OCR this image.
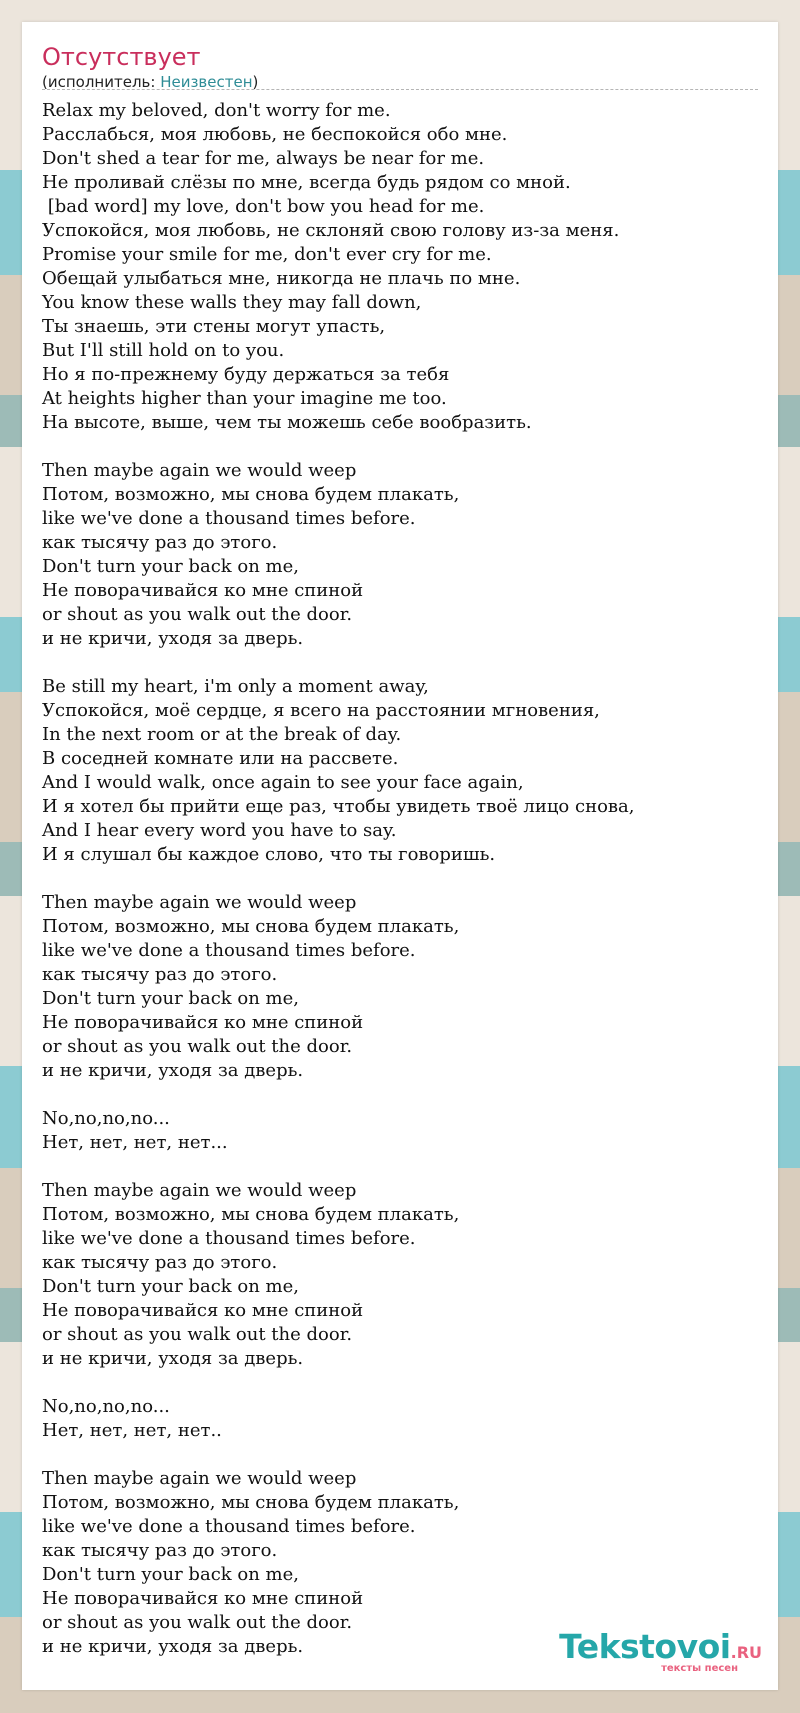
Отсутствует
(исполнитель: Неизвестен)
Relax my beloved, don't worry for me.
Расслабься, моя любовь, не беспокойся обо мне.
Don't shed a tear for me, always be near for me.
Не проливай слёзы по мне, всегда будь рядом со мной.
[bad word] my love, don't bow you head for me.
Успокойся, моя любовь, не склоняй свою голову из-за меня.
Promise your smile for me, don't ever cry for me.
Обещай улыбаться мне, никогда не плачь по мне.
You know these walls they may fall down,
Ты знаешь, эти стены могут упасть,
But I'll still hold on to you.
Но я по-прежнему буду держаться за тебя
At heights higher than your imagine me too.
На высоте, выше, чем ты можешь себе вообразить.
Then maybe again we would weep
Потом, возможно, мы снова будем плакать,
like we've done a thousand times before.
как тысячу раз до этого.
Don't turn your back on me,
Не поворачивайся ко мне спиной
or shout as you walk out the door.
и не кричи, уходя за дверь.
Be still my heart, i'm only a moment away,
Успокойся, моё сердце, я всего на расстоянии мгновения,
In the next room or at the break of day.
В соседней комнате или на рассвете.
And I would walk, once again to see your face again,
И я хотел бы прийти еще раз, чтобы увидеть твоё лицо снова,
And I hear every word you have to say.
И я слушал бы каждое слово, что ты говоришь.
Then maybe again we would weep
Потом, возможно, мы снова будем плакать,
like we've done a thousand times before.
как тысячу раз до этого.
Don't turn your back on me,
Не поворачивайся ко мне спиной
or shout as you walk out the door.
и не кричи, уходя за дверь.
No,no,no,no...
Нет, нет, нет, нет...
Then maybe again we would weep
Потом, возможно, мы снова будем плакать,
like we've done a thousand times before.
как тысячу раз до этого.
Don't turn your back on me,
Не поворачивайся ко мне спиной
or shout as you walk out the door.
и не кричи, уходя за дверь.
No,no,no,no...
Нет, нет, нет, нет..
Then maybe again we would weep
Потом, возможно, мы снова будем плакать,
like we've done a thousand times before.
как тысячу раз до этого.
Don't turn your back on me,
Не поворачивайся ко мне спиной
or shout as you walk out the door.
и не кричи, уходя за дверь.	Tekstovoi.RU
тексты песен
